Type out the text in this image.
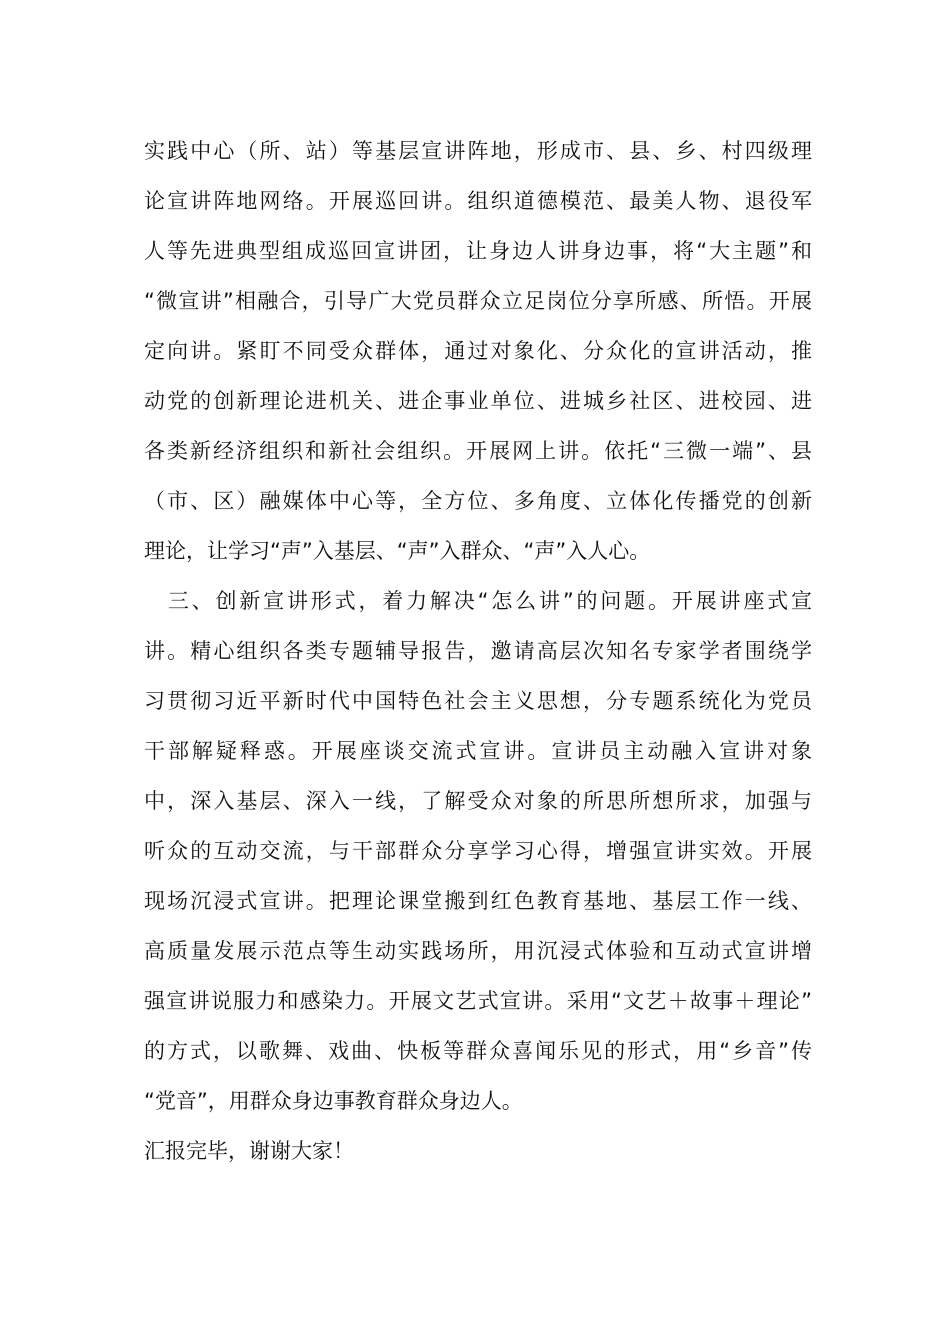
实践中心（所、站）等基层宣讲阵地，形成市、县、乡、村四级理
论宣讲阵地网络。开展巡回讲。组织道德模范、最美人物、退役军
人等先进典型组成巡回宣讲团，让身边人讲身边事，将“大主题”和
“微宣讲”相融合，引导广大党员群众立足岗位分享所感、所悟。开展
定向讲。紧盯不同受众群体，通过对象化、分众化的宣讲活动，推
动党的创新理论进机关、进企事业单位、进城乡社区、进校园、进
各类新经济组织和新社会组织。开展网上讲。依托“三微一端”、县
（市、区）融媒体中心等，全方位、多角度、立体化传播党的创新
理论，让学习“声”入基层、“声”入群众、“声”入人心。
　三、创新宣讲形式，着力解决“怎么讲”的问题。开展讲座式宣
讲。精心组织各类专题辅导报告，邀请高层次知名专家学者围绕学
习贯彻习近平新时代中国特色社会主义思想，分专题系统化为党员
干部解疑释惑。开展座谈交流式宣讲。宣讲员主动融入宣讲对象
中，深入基层、深入一线，了解受众对象的所思所想所求，加强与
听众的互动交流，与干部群众分享学习心得，增强宣讲实效。开展
现场沉浸式宣讲。把理论课堂搬到红色教育基地、基层工作一线、
高质量发展示范点等生动实践场所，用沉浸式体验和互动式宣讲增
强宣讲说服力和感染力。开展文艺式宣讲。采用“文艺＋故事＋理论”
的方式，以歌舞、戏曲、快板等群众喜闻乐见的形式，用“乡音”传
“党音”，用群众身边事教育群众身边人。
汇报完毕，谢谢大家！
